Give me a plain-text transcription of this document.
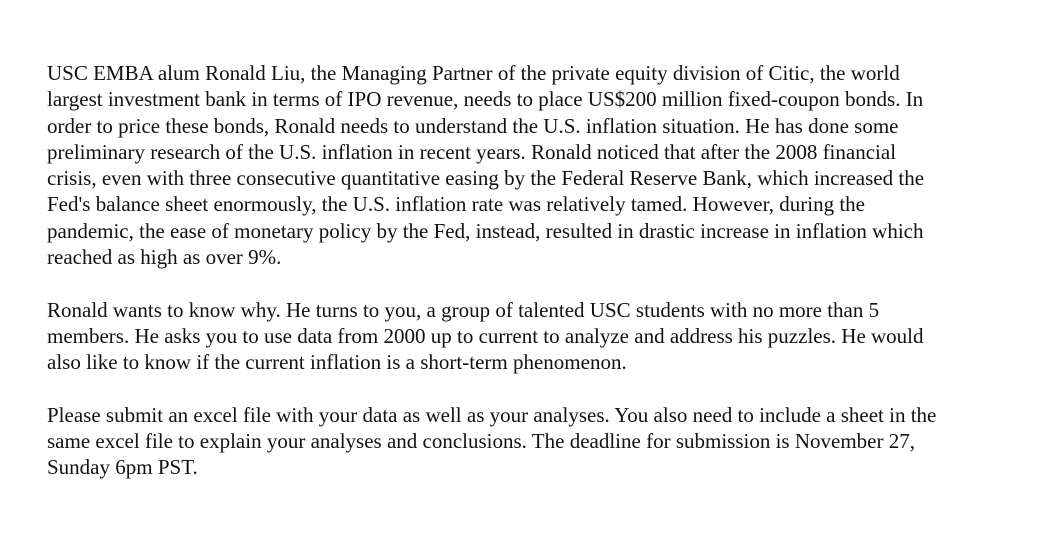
USC EMBA alum Ronald Liu, the Managing Partner of the private equity division of Citic, the world
largest investment bank in terms of IPO revenue, needs to place US$200 million fixed-coupon bonds. In
order to price these bonds, Ronald needs to understand the U.S. inflation situation. He has done some
preliminary research of the U.S. inflation in recent years. Ronald noticed that after the 2008 financial
crisis, even with three consecutive quantitative easing by the Federal Reserve Bank, which increased the
Fed's balance sheet enormously, the U.S. inflation rate was relatively tamed. However, during the
pandemic, the ease of monetary policy by the Fed, instead, resulted in drastic increase in inflation which
reached as high as over 9%.

Ronald wants to know why. He turns to you, a group of talented USC students with no more than 5
members. He asks you to use data from 2000 up to current to analyze and address his puzzles. He would
also like to know if the current inflation is a short-term phenomenon.

Please submit an excel file with your data as well as your analyses. You also need to include a sheet in the
same excel file to explain your analyses and conclusions. The deadline for submission is November 27,
Sunday 6pm PST.
